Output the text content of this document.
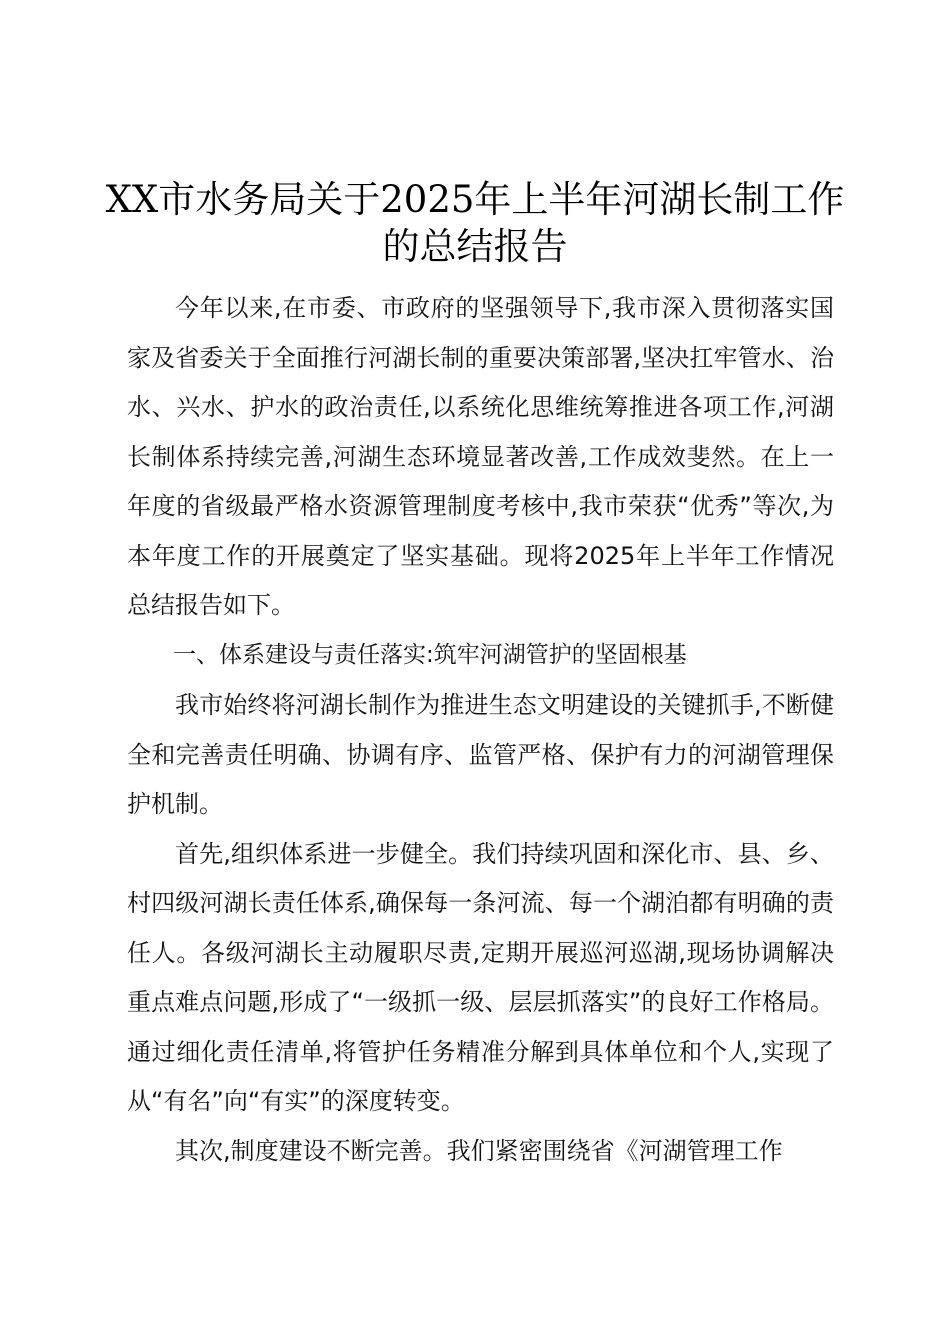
XX市水务局关于2025年上半年河湖长制工作的总结报告

今年以来,在市委、市政府的坚强领导下,我市深入贯彻落实国家及省委关于全面推行河湖长制的重要决策部署,坚决扛牢管水、治水、兴水、护水的政治责任,以系统化思维统筹推进各项工作,河湖长制体系持续完善,河湖生态环境显著改善,工作成效斐然。在上一年度的省级最严格水资源管理制度考核中,我市荣获“优秀”等次,为本年度工作的开展奠定了坚实基础。现将2025年上半年工作情况总结报告如下。

一、体系建设与责任落实:筑牢河湖管护的坚固根基

我市始终将河湖长制作为推进生态文明建设的关键抓手,不断健全和完善责任明确、协调有序、监管严格、保护有力的河湖管理保护机制。

首先,组织体系进一步健全。我们持续巩固和深化市、县、乡、村四级河湖长责任体系,确保每一条河流、每一个湖泊都有明确的责任人。各级河湖长主动履职尽责,定期开展巡河巡湖,现场协调解决重点难点问题,形成了“一级抓一级、层层抓落实”的良好工作格局。通过细化责任清单,将管护任务精准分解到具体单位和个人,实现了从“有名”向“有实”的深度转变。

其次,制度建设不断完善。我们紧密围绕省《河湖管理工作
